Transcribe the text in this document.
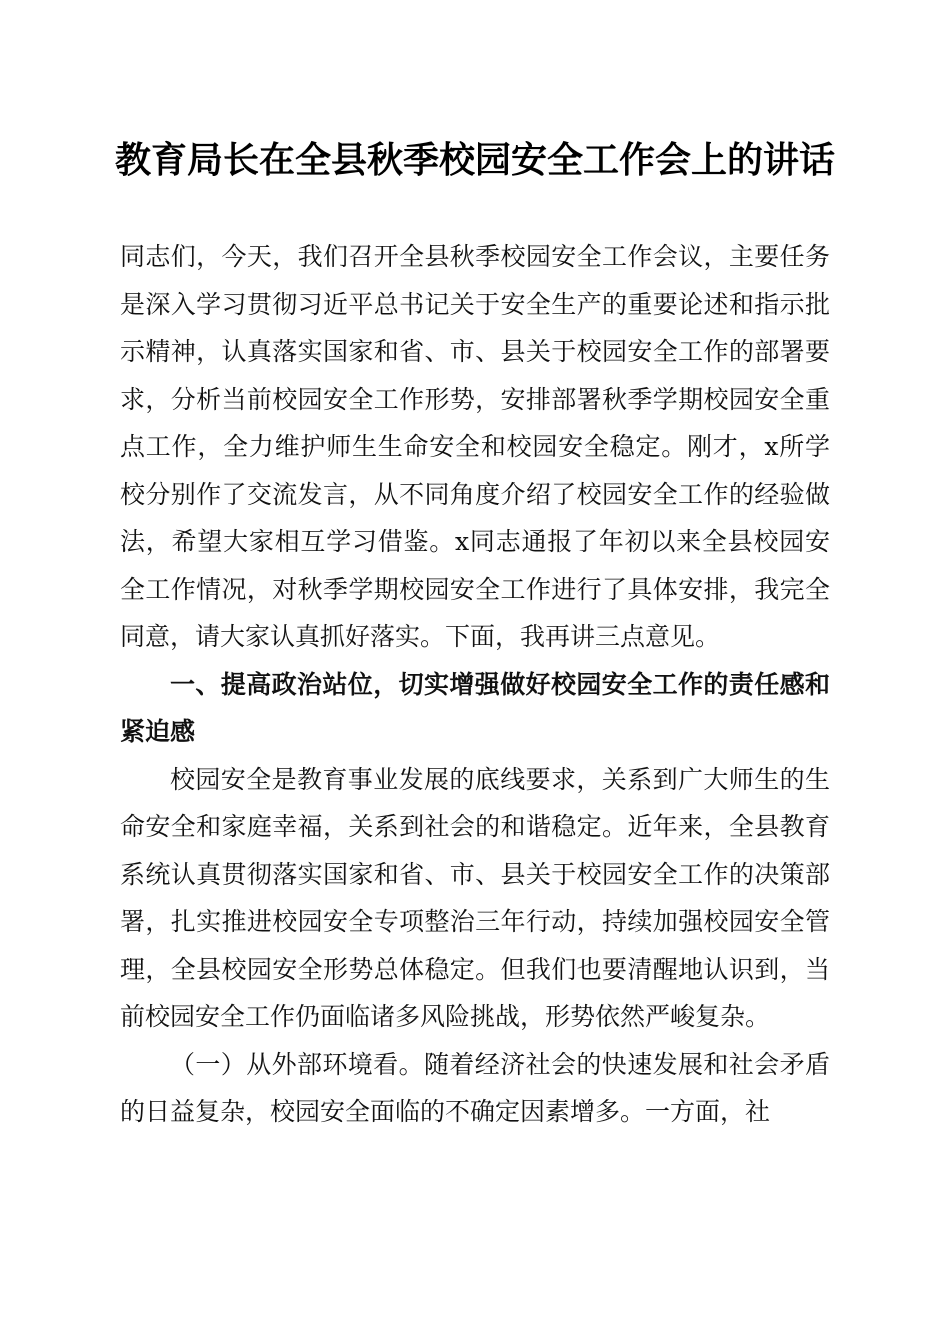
教育局长在全县秋季校园安全工作会上的讲话

同志们，今天，我们召开全县秋季校园安全工作会议，主要任务是深入学习贯彻习近平总书记关于安全生产的重要论述和指示批示精神，认真落实国家和省、市、县关于校园安全工作的部署要求，分析当前校园安全工作形势，安排部署秋季学期校园安全重点工作，全力维护师生生命安全和校园安全稳定。刚才，x所学校分别作了交流发言，从不同角度介绍了校园安全工作的经验做法，希望大家相互学习借鉴。x同志通报了年初以来全县校园安全工作情况，对秋季学期校园安全工作进行了具体安排，我完全同意，请大家认真抓好落实。下面，我再讲三点意见。

一、提高政治站位，切实增强做好校园安全工作的责任感和紧迫感

校园安全是教育事业发展的底线要求，关系到广大师生的生命安全和家庭幸福，关系到社会的和谐稳定。近年来，全县教育系统认真贯彻落实国家和省、市、县关于校园安全工作的决策部署，扎实推进校园安全专项整治三年行动，持续加强校园安全管理，全县校园安全形势总体稳定。但我们也要清醒地认识到，当前校园安全工作仍面临诸多风险挑战，形势依然严峻复杂。

（一）从外部环境看。随着经济社会的快速发展和社会矛盾的日益复杂，校园安全面临的不确定因素增多。一方面，社
